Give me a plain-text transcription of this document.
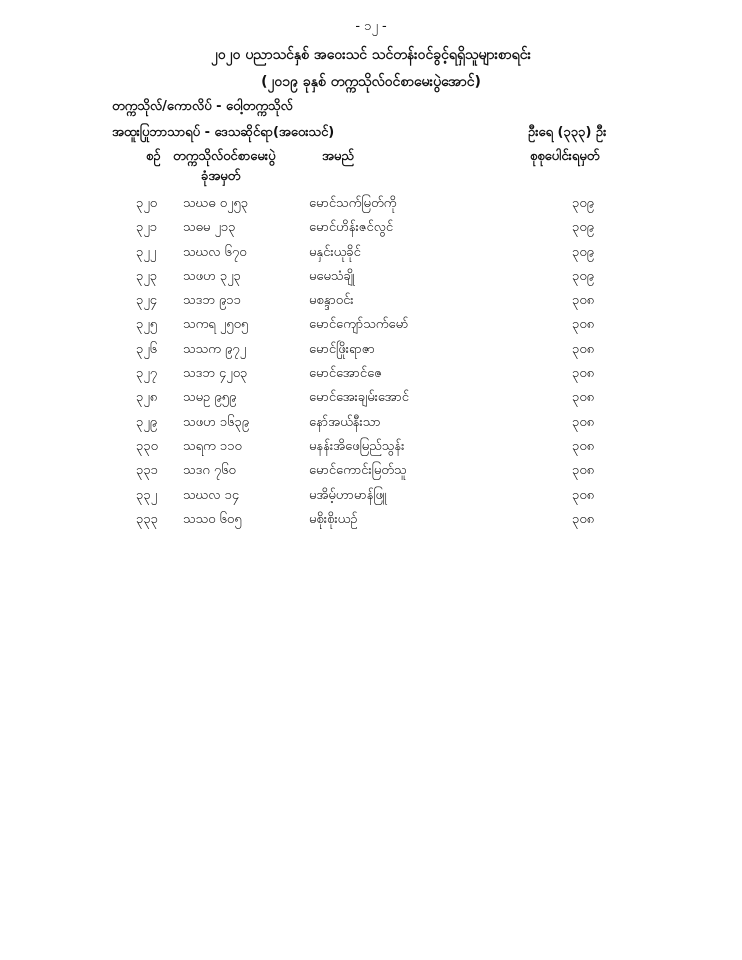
- ၁၂ -
၂၀၂၀ ပညာသင်နှစ် အဝေးသင် သင်တန်းဝင်ခွင့်ရရှိသူများစာရင်း
(၂၀၁၉ ခုနှစ် တက္ကသိုလ်ဝင်စာမေးပွဲအောင်)
တက္ကသိုလ်/ကောလိပ် - ဝေါ့တက္ကသိုလ်
အထူးပြုဘာသာရပ် - ဒေသဆိုင်ရာ(အဝေးသင်)	ဦးရေ (၃၃၃) ဦး
စဉ် တက္ကသိုလ်ဝင်စာမေးပွဲ
ခုံအမှတ်
အမည်	စုစုပေါင်းရမှတ်
၃၂၀ သဃဓ ၀၂၅၃	မောင်သက်မြတ်ကို	၃၀၉
၃၂၁ သဓမ ၂၁၃	မောင်ဟိန်းဇင်လွင်	၃၀၉
၃၂၂ သဃလ ၆၇၀	မနှင်းယုခိုင်	၃၀၉
၃၂၃ သဖဟ ၃၂၃	မမေသံချို	၃၀၉
၃၂၄ သဒဘ ၉၁၁	မစန္ဒာဝင်း	၃၀၈
၃၂၅ သကရ ၂၅၀၅	မောင်ကျော်သက်မော်	၃၀၈
၃၂၆ သသက ၉၇၂	မောင်ဖြိုးရာဇာ	၃၀၈
၃၂၇ သဒဘ ၄၂၀၃	မောင်အောင်ဇေ	၃၀၈
၃၂၈ သမဥ ၉၅၉	မောင်အေးချမ်းအောင်	၃၀၈
၃၂၉ သဖဟ ၁၆၃၉	နော်အယ်နီးသာ	၃၀၈
၃၃၀ သရက ၁၁၀	မနန်းအိဖေမြည်သွန်း	၃၀၈
၃၃၁ သဒဂ ၇၆၀	မောင်ကောင်းမြတ်သူ	၃၀၈
၃၃၂ သဃလ ၁၄	မအိမ့်ဟာမာန်ဖြူ	၃၀၈
၃၃၃ သသဝ ၆၀၅	မစိုးစိုးယဉ်	၃၀၈
